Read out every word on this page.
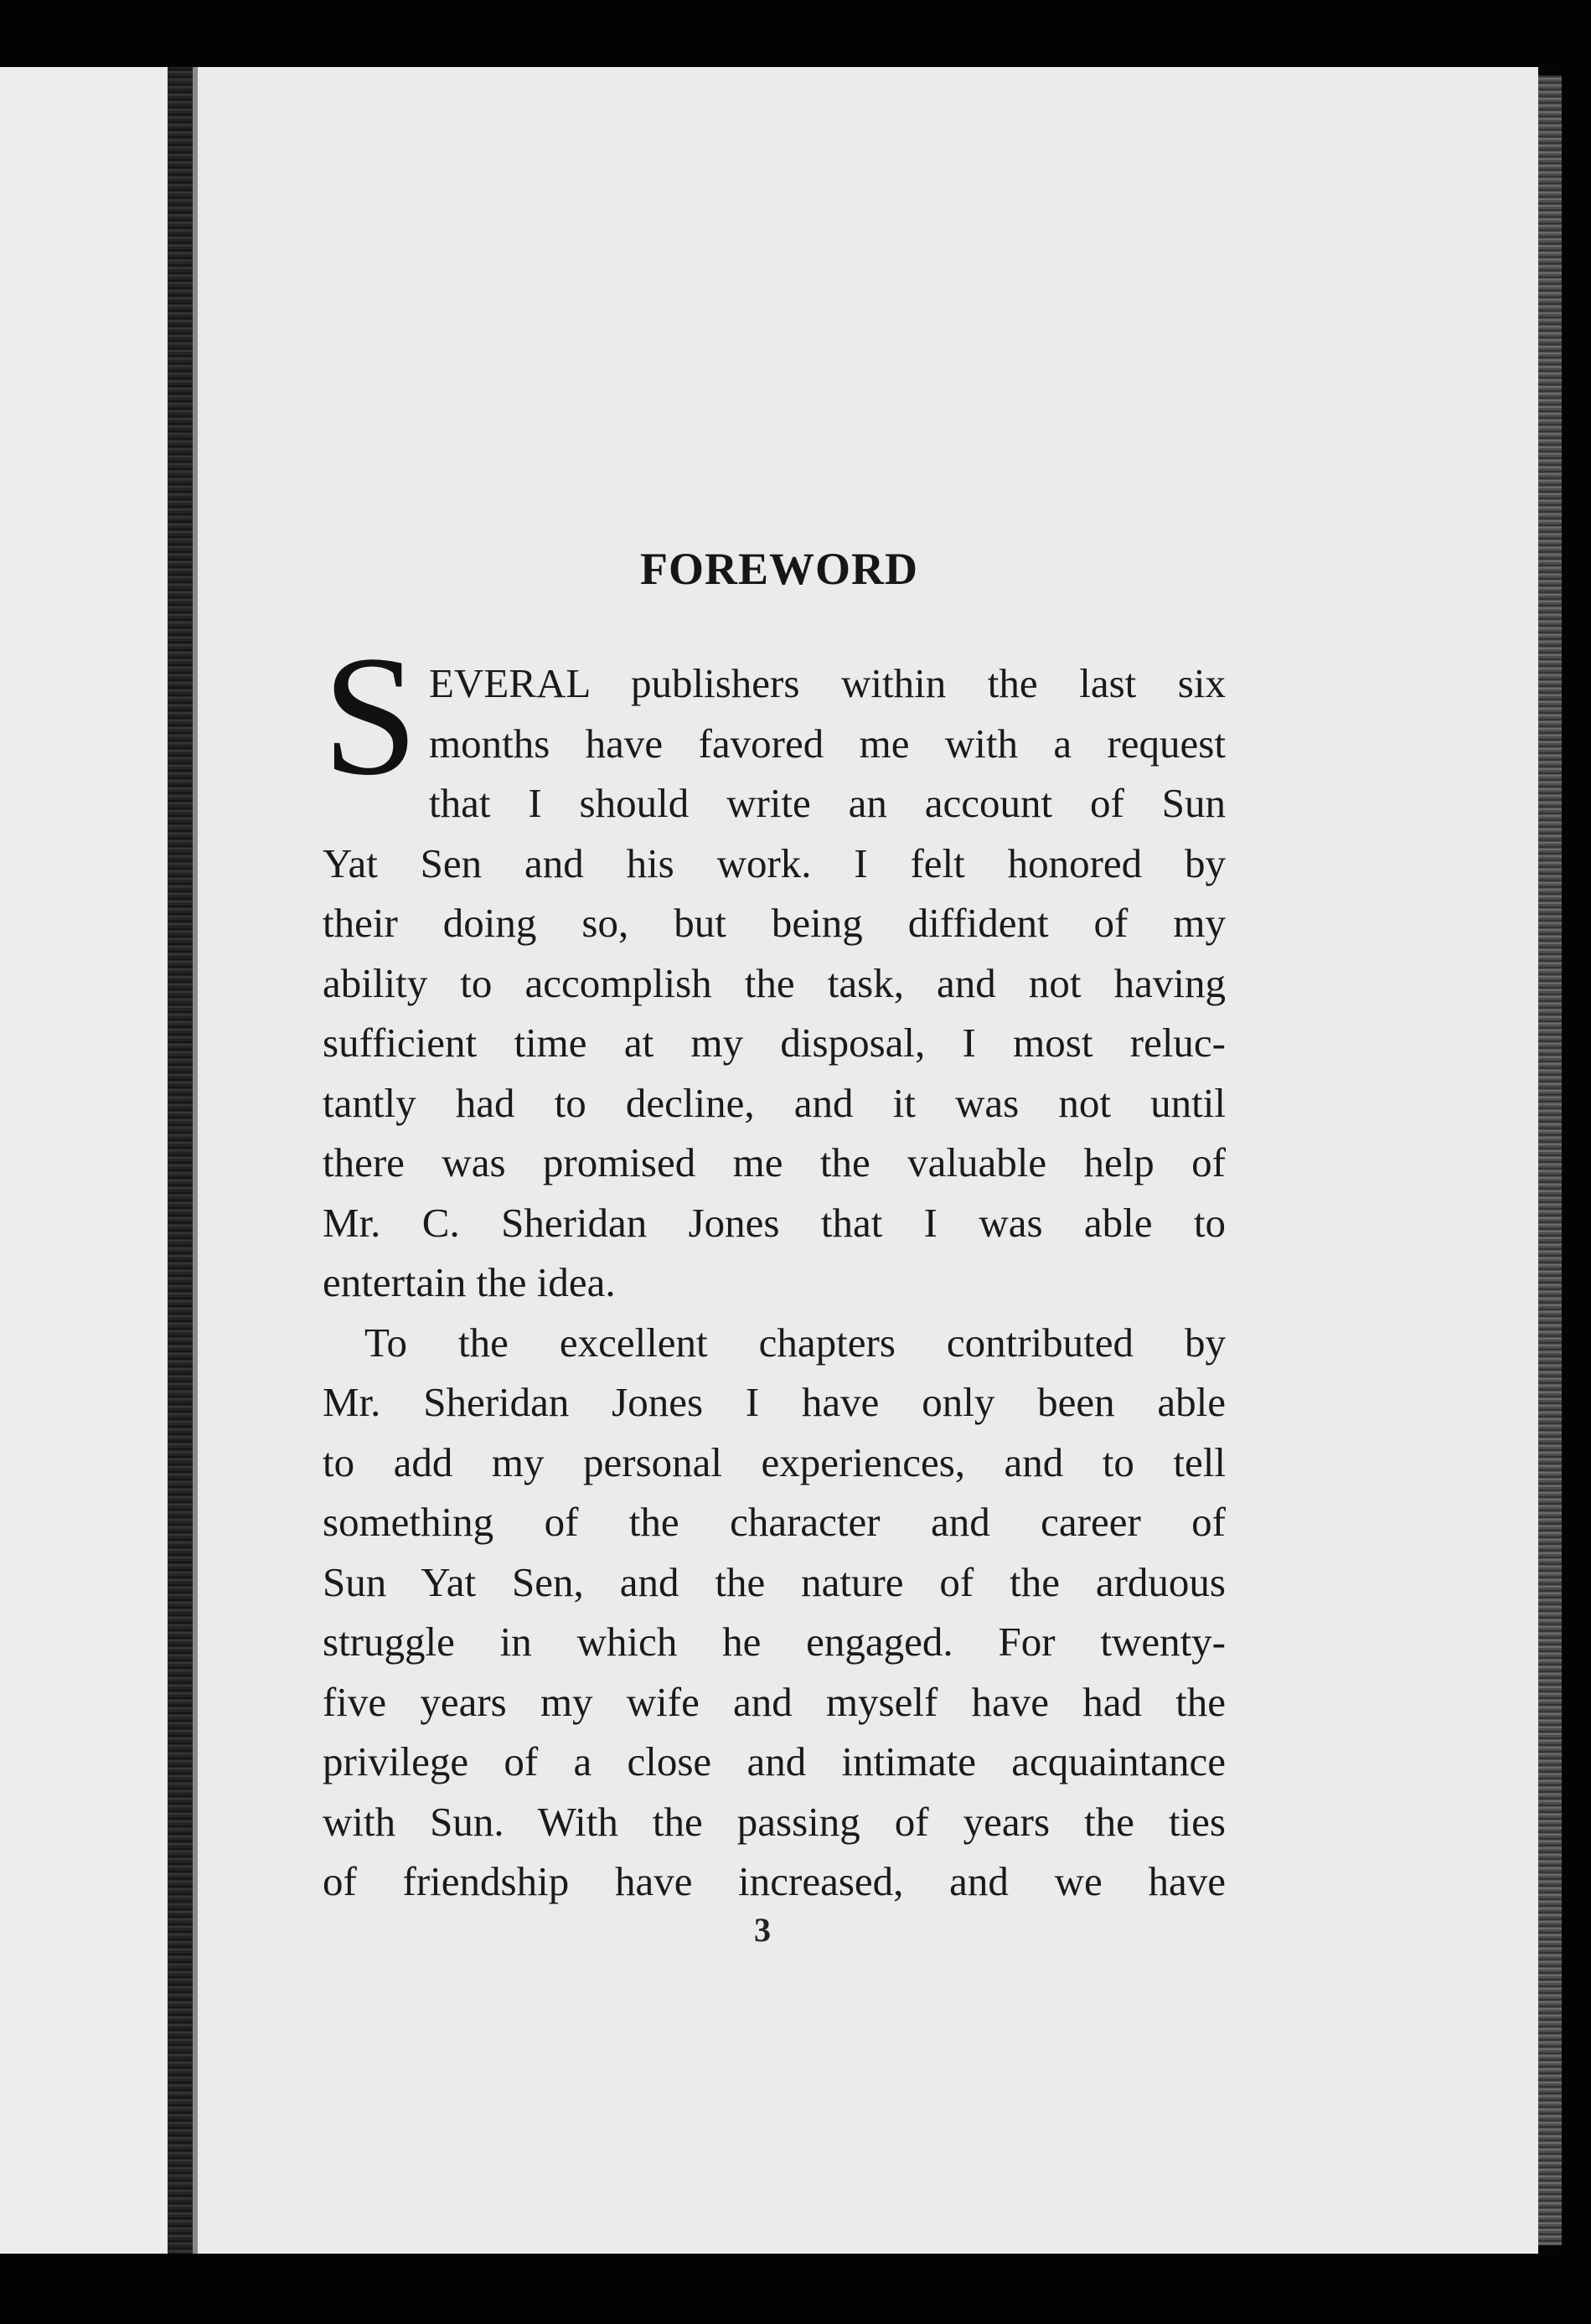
FOREWORD
S EVERAL publishers within the last six
months have favored me with a request
that I should write an account of Sun
Yat Sen and his work. I felt honored by
their doing so, but being diffident of my
ability to accomplish the task, and not having
sufficient time at my disposal, I most reluc-
tantly had to decline, and it was not until
there was promised me the valuable help of
Mr. C. Sheridan Jones that I was able to
entertain the idea.
To the excellent chapters contributed by
Mr. Sheridan Jones I have only been able
to add my personal experiences, and to tell
something of the character and career of
Sun Yat Sen, and the nature of the arduous
struggle in which he engaged. For twenty-
five years my wife and myself have had the
privilege of a close and intimate acquaintance
with Sun. With the passing of years the ties
of friendship have increased, and we have
3
